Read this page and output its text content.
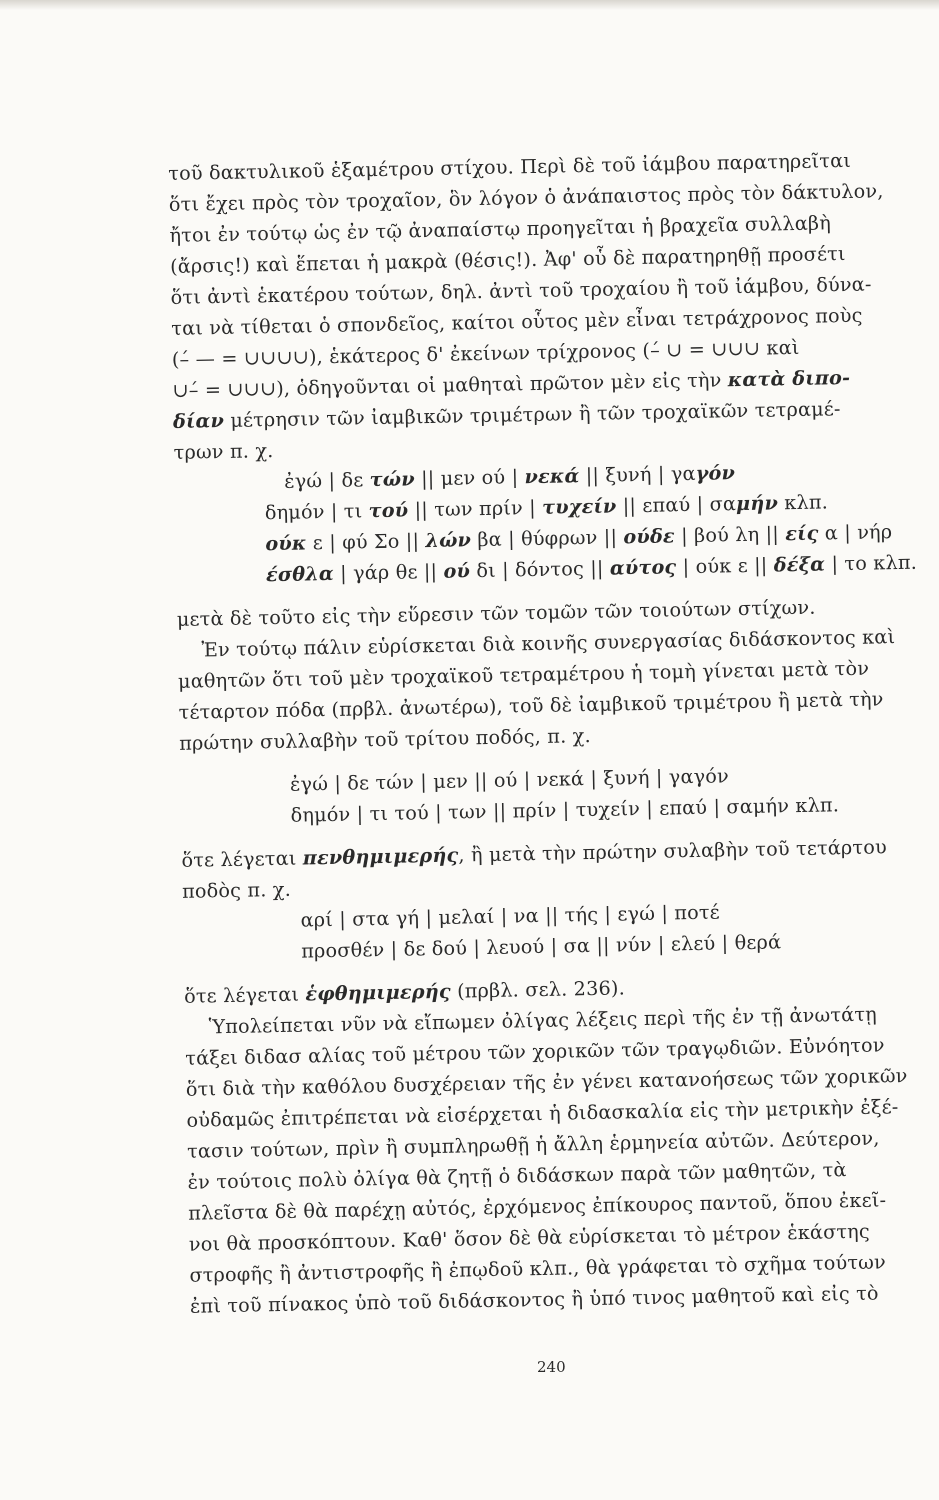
τοῦ δακτυλικοῦ ἑξαμέτρου στίχου. Περὶ δὲ τοῦ ἰάμβου παρατηρεῖται
ὅτι ἔχει πρὸς τὸν τροχαῖον, ὃν λόγον ὁ ἀνάπαιστος πρὸς τὸν δάκτυλον,
ἤτοι ἐν τούτῳ ὡς ἐν τῷ ἀναπαίστῳ προηγεῖται ἡ βραχεῖα συλλαβὴ
(ἄρσις!) καὶ ἕπεται ἡ μακρὰ (θέσις!). Ἀφ' οὗ δὲ παρατηρηθῇ προσέτι
ὅτι ἀντὶ ἑκατέρου τούτων, δηλ. ἀντὶ τοῦ τροχαίου ἢ τοῦ ἰάμβου, δύνα-
ται νὰ τίθεται ὁ σπονδεῖος, καίτοι οὗτος μὲν εἶναι τετράχρονος ποὺς
(–́ — = ∪∪∪∪), ἑκάτερος δ' ἐκείνων τρίχρονος (–́ ∪ = ∪∪∪ καὶ
∪–́ = ∪∪∪), ὁδηγοῦνται οἱ μαθηταὶ πρῶτον μὲν εἰς τὴν κατὰ διπο-
δίαν μέτρησιν τῶν ἰαμβικῶν τριμέτρων ἢ τῶν τροχαϊκῶν τετραμέ-
τρων π. χ.
ἐγώ | δε τών || μεν ού | νεκά || ξυνή | γαγόν
δημόν | τι τού || των πρίν | τυχείν || επαύ | σαμήν κλπ.
ούκ ε | φύ Σο || λών βα | θύφρων || ούδε | βού λη || είς α | νήρ
έσθλα | γάρ θε || ού δι | δόντος || αύτος | ούκ ε || δέξα | το κλπ.
μετὰ δὲ τοῦτο εἰς τὴν εὕρεσιν τῶν τομῶν τῶν τοιούτων στίχων.
Ἐν τούτῳ πάλιν εὑρίσκεται διὰ κοινῆς συνεργασίας διδάσκοντος καὶ
μαθητῶν ὅτι τοῦ μὲν τροχαϊκοῦ τετραμέτρου ἡ τομὴ γίνεται μετὰ τὸν
τέταρτον πόδα (πρβλ. ἀνωτέρω), τοῦ δὲ ἰαμβικοῦ τριμέτρου ἢ μετὰ τὴν
πρώτην συλλαβὴν τοῦ τρίτου ποδός, π. χ.
ἐγώ | δε τών | μεν || ού | νεκά | ξυνή | γαγόν
δημόν | τι τού | των || πρίν | τυχείν | επαύ | σαμήν κλπ.
ὅτε λέγεται πενθημιμερής, ἢ μετὰ τὴν πρώτην συλαβὴν τοῦ τετάρτου
ποδὸς π. χ.
αρί | στα γή | μελαί | να || τής | εγώ | ποτέ
προσθέν | δε δού | λευού | σα || νύν | ελεύ | θερά
ὅτε λέγεται ἑφθημιμερής (πρβλ. σελ. 236).
Ὑπολείπεται νῦν νὰ εἴπωμεν ὀλίγας λέξεις περὶ τῆς ἐν τῇ ἀνωτάτῃ
τάξει διδασ αλίας τοῦ μέτρου τῶν χορικῶν τῶν τραγῳδιῶν. Εὐνόητον
ὅτι διὰ τὴν καθόλου δυσχέρειαν τῆς ἐν γένει κατανοήσεως τῶν χορικῶν
οὐδαμῶς ἐπιτρέπεται νὰ εἰσέρχεται ἡ διδασκαλία εἰς τὴν μετρικὴν ἐξέ-
τασιν τούτων, πρὶν ἢ συμπληρωθῇ ἡ ἄλλη ἑρμηνεία αὐτῶν. Δεύτερον,
ἐν τούτοις πολὺ ὀλίγα θὰ ζητῇ ὁ διδάσκων παρὰ τῶν μαθητῶν, τὰ
πλεῖστα δὲ θὰ παρέχῃ αὐτός, ἐρχόμενος ἐπίκουρος παντοῦ, ὅπου ἐκεῖ-
νοι θὰ προσκόπτουν. Καθ' ὅσον δὲ θὰ εὑρίσκεται τὸ μέτρον ἑκάστης
στροφῆς ἢ ἀντιστροφῆς ἢ ἐπῳδοῦ κλπ., θὰ γράφεται τὸ σχῆμα τούτων
ἐπὶ τοῦ πίνακος ὑπὸ τοῦ διδάσκοντος ἢ ὑπό τινος μαθητοῦ καὶ εἰς τὸ
240
